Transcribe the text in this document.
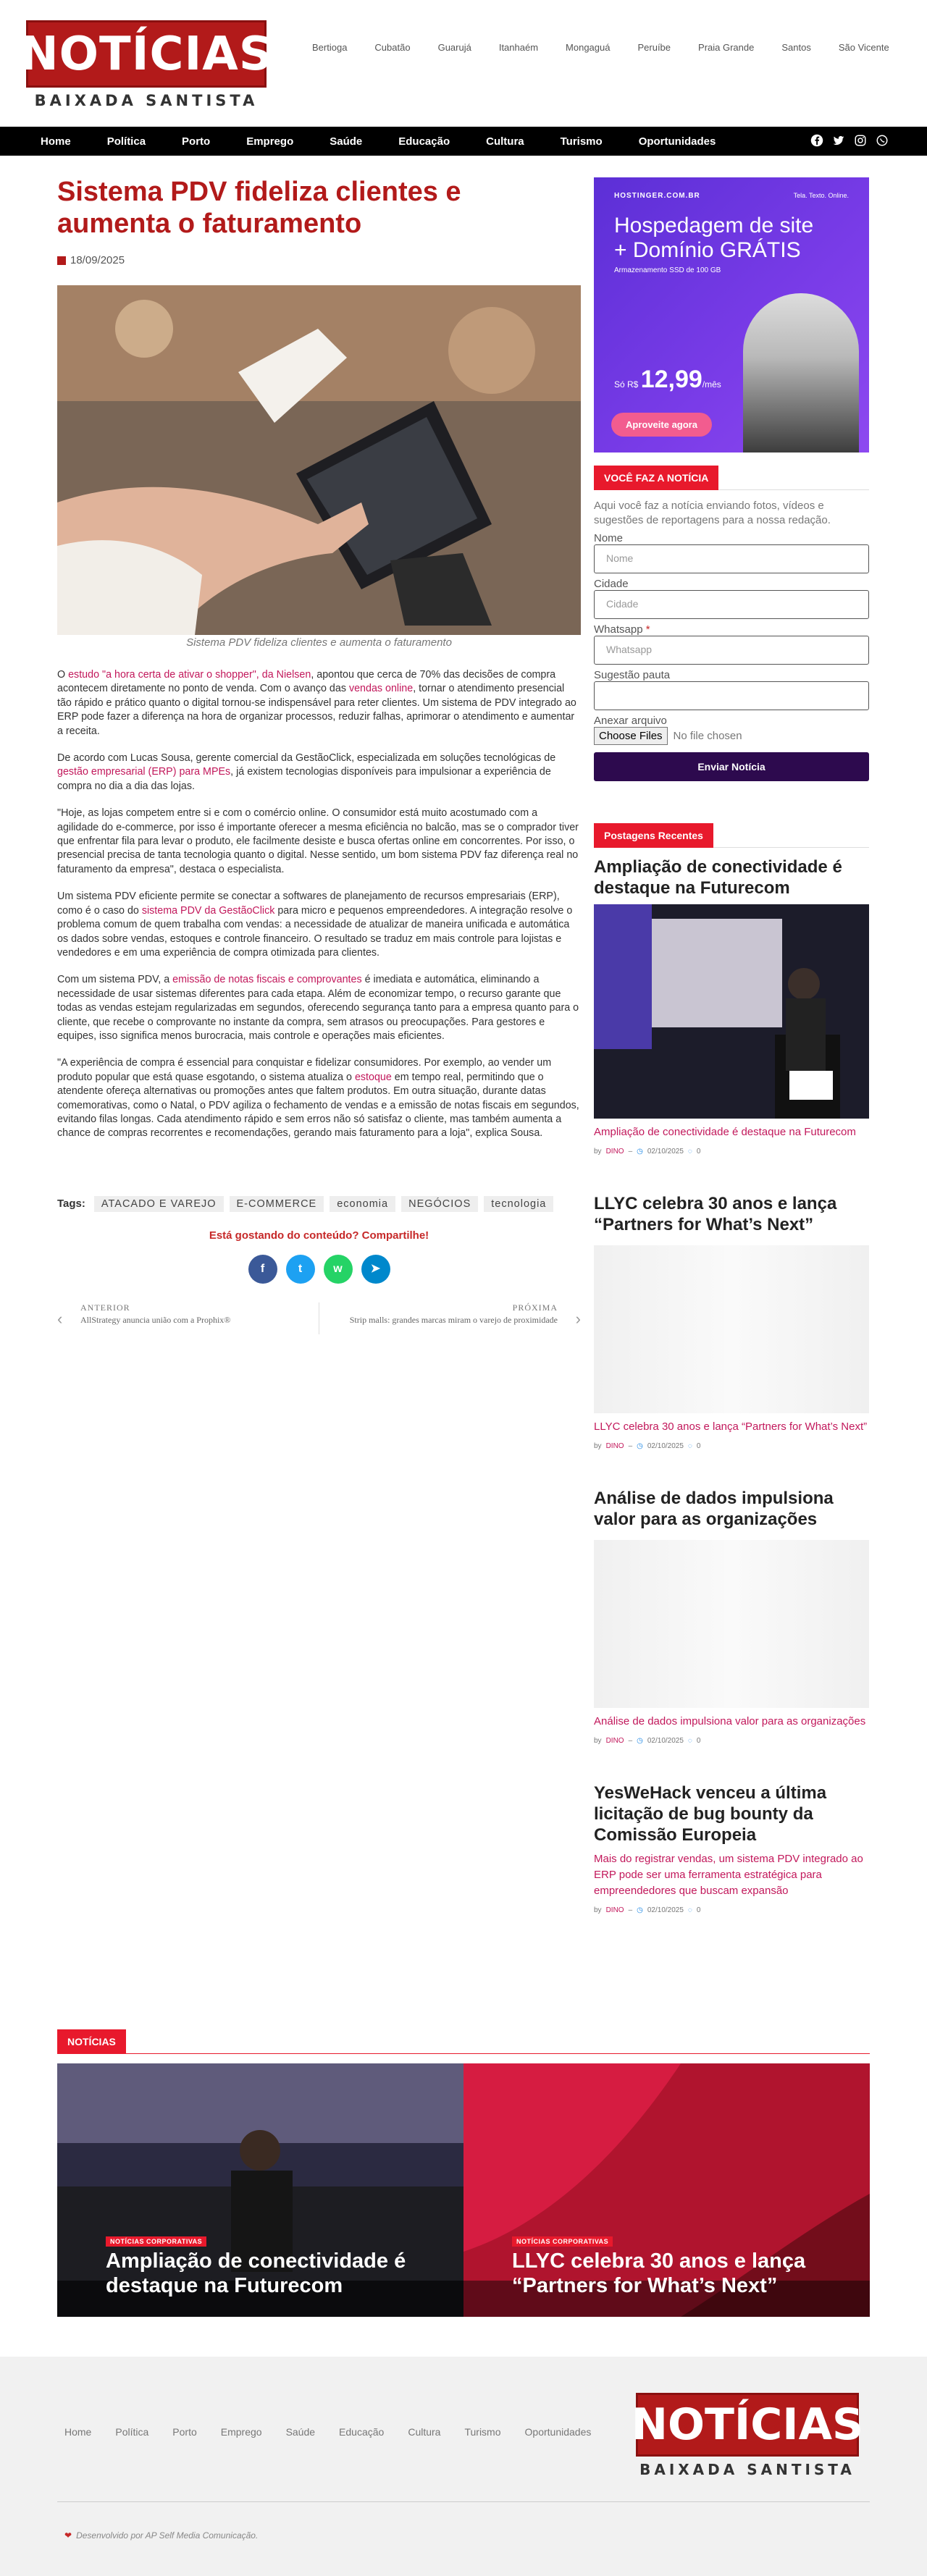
NOTÍCIAS
BAIXADA SANTISTA
Bertioga	Cubatão	Guarujá	Itanhaém	Mongaguá	Peruíbe	Praia Grande	Santos	São Vicente
Home	Política	Porto	Emprego	Saúde	Educação	Cultura	Turismo	Oportunidades
Sistema PDV fideliza clientes e aumenta o faturamento
18/09/2025
Sistema PDV fideliza clientes e aumenta o faturamento

O estudo "a hora certa de ativar o shopper", da Nielsen, apontou que cerca de 70% das decisões de compra acontecem diretamente no ponto de venda. Com o avanço das vendas online, tornar o atendimento presencial tão rápido e prático quanto o digital tornou-se indispensável para reter clientes. Um sistema de PDV integrado ao ERP pode fazer a diferença na hora de organizar processos, reduzir falhas, aprimorar o atendimento e aumentar a receita.

De acordo com Lucas Sousa, gerente comercial da GestãoClick, especializada em soluções tecnológicas de gestão empresarial (ERP) para MPEs, já existem tecnologias disponíveis para impulsionar a experiência de compra no dia a dia das lojas.

"Hoje, as lojas competem entre si e com o comércio online. O consumidor está muito acostumado com a agilidade do e-commerce, por isso é importante oferecer a mesma eficiência no balcão, mas se o comprador tiver que enfrentar fila para levar o produto, ele facilmente desiste e busca ofertas online em concorrentes. Por isso, o presencial precisa de tanta tecnologia quanto o digital. Nesse sentido, um bom sistema PDV faz diferença real no faturamento da empresa", destaca o especialista.

Um sistema PDV eficiente permite se conectar a softwares de planejamento de recursos empresariais (ERP), como é o caso do sistema PDV da GestãoClick para micro e pequenos empreendedores. A integração resolve o problema comum de quem trabalha com vendas: a necessidade de atualizar de maneira unificada e automática os dados sobre vendas, estoques e controle financeiro. O resultado se traduz em mais controle para lojistas e vendedores e em uma experiência de compra otimizada para clientes.

Com um sistema PDV, a emissão de notas fiscais e comprovantes é imediata e automática, eliminando a necessidade de usar sistemas diferentes para cada etapa. Além de economizar tempo, o recurso garante que todas as vendas estejam regularizadas em segundos, oferecendo segurança tanto para a empresa quanto para o cliente, que recebe o comprovante no instante da compra, sem atrasos ou preocupações. Para gestores e equipes, isso significa menos burocracia, mais controle e operações mais eficientes.

"A experiência de compra é essencial para conquistar e fidelizar consumidores. Por exemplo, ao vender um produto popular que está quase esgotando, o sistema atualiza o estoque em tempo real, permitindo que o atendente ofereça alternativas ou promoções antes que faltem produtos. Em outra situação, durante datas comemorativas, como o Natal, o PDV agiliza o fechamento de vendas e a emissão de notas fiscais em segundos, evitando filas longas. Cada atendimento rápido e sem erros não só satisfaz o cliente, mas também aumenta a chance de compras recorrentes e recomendações, gerando mais faturamento para a loja", explica Sousa.

Tags:	ATACADO E VAREJO	E-COMMERCE	economia	NEGÓCIOS	tecnologia
Está gostando do conteúdo? Compartilhe!
f	t	w	➤
‹
ANTERIOR
AllStrategy anuncia união com a Prophix®
PRÓXIMA
Strip malls: grandes marcas miram o varejo de proximidade ›
HOSTINGER.COM.BR	Tela. Texto. Online.
Hospedagem de site + Domínio GRÁTIS
Armazenamento SSD de 100 GB
Só R$ 12,99/mês
Aproveite agora
VOCÊ FAZ A NOTÍCIA
Aqui você faz a notícia enviando fotos, vídeos e sugestões de reportagens para a nossa redação.
Nome
Nome
Cidade
Cidade
Whatsapp *
Whatsapp
Sugestão pauta
Anexar arquivo
Choose Files	No file chosen
Enviar Notícia
Postagens Recentes
Ampliação de conectividade é destaque na Futurecom
Ampliação de conectividade é destaque na Futurecom
by DINO – ◷ 02/10/2025 ◌ 0
LLYC celebra 30 anos e lança “Partners for What’s Next”
LLYC celebra 30 anos e lança “Partners for What’s Next”
by DINO – ◷ 02/10/2025 ◌ 0
Análise de dados impulsiona valor para as organizações
Análise de dados impulsiona valor para as organizações
by DINO – ◷ 02/10/2025 ◌ 0
YesWeHack venceu a última licitação de bug bounty da Comissão Europeia
Mais do registrar vendas, um sistema PDV integrado ao ERP pode ser uma ferramenta estratégica para empreendedores que buscam expansão
by DINO – ◷ 02/10/2025 ◌ 0
NOTÍCIAS
NOTÍCIAS CORPORATIVAS
Ampliação de conectividade é destaque na Futurecom
NOTÍCIAS CORPORATIVAS
LLYC celebra 30 anos e lança “Partners for What’s Next”
Home Política Porto Emprego Saúde Educação Cultura Turismo Oportunidades NOTÍCIAS
BAIXADA SANTISTA
❤ Desenvolvido por AP Self Media Comunicação.
